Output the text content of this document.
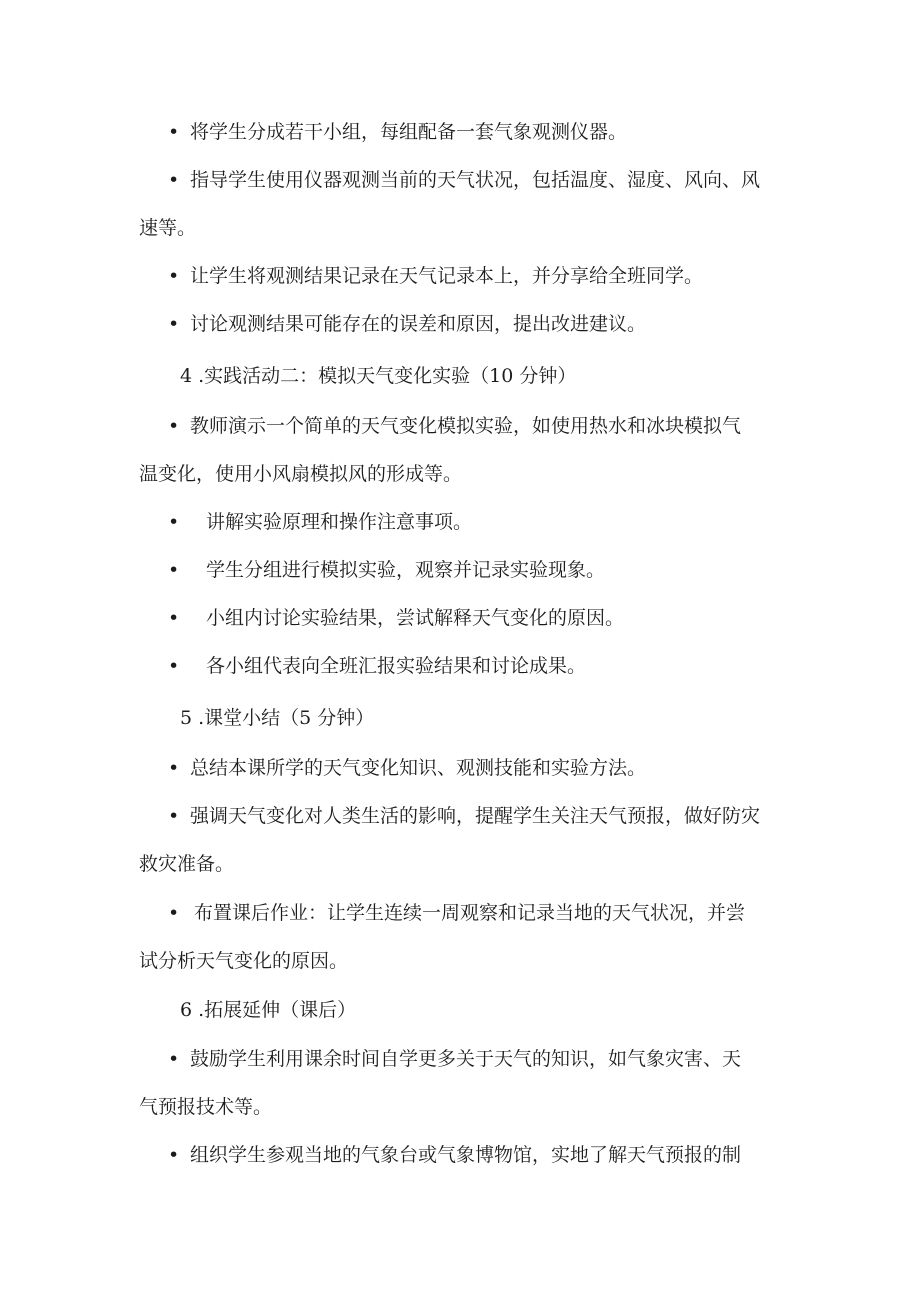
• 将学生分成若干小组，每组配备一套气象观测仪器。
• 指导学生使用仪器观测当前的天气状况，包括温度、湿度、风向、风
速等。
• 让学生将观测结果记录在天气记录本上，并分享给全班同学。
• 讨论观测结果可能存在的误差和原因，提出改进建议。
4 .实践活动二：模拟天气变化实验（10 分钟）
• 教师演示一个简单的天气变化模拟实验，如使用热水和冰块模拟气
温变化，使用小风扇模拟风的形成等。
• 讲解实验原理和操作注意事项。
• 学生分组进行模拟实验，观察并记录实验现象。
• 小组内讨论实验结果，尝试解释天气变化的原因。
• 各小组代表向全班汇报实验结果和讨论成果。
5 .课堂小结（5 分钟）
• 总结本课所学的天气变化知识、观测技能和实验方法。
• 强调天气变化对人类生活的影响，提醒学生关注天气预报，做好防灾
救灾准备。
• 布置课后作业：让学生连续一周观察和记录当地的天气状况，并尝
试分析天气变化的原因。
6 .拓展延伸（课后）
• 鼓励学生利用课余时间自学更多关于天气的知识，如气象灾害、天
气预报技术等。
• 组织学生参观当地的气象台或气象博物馆，实地了解天气预报的制
